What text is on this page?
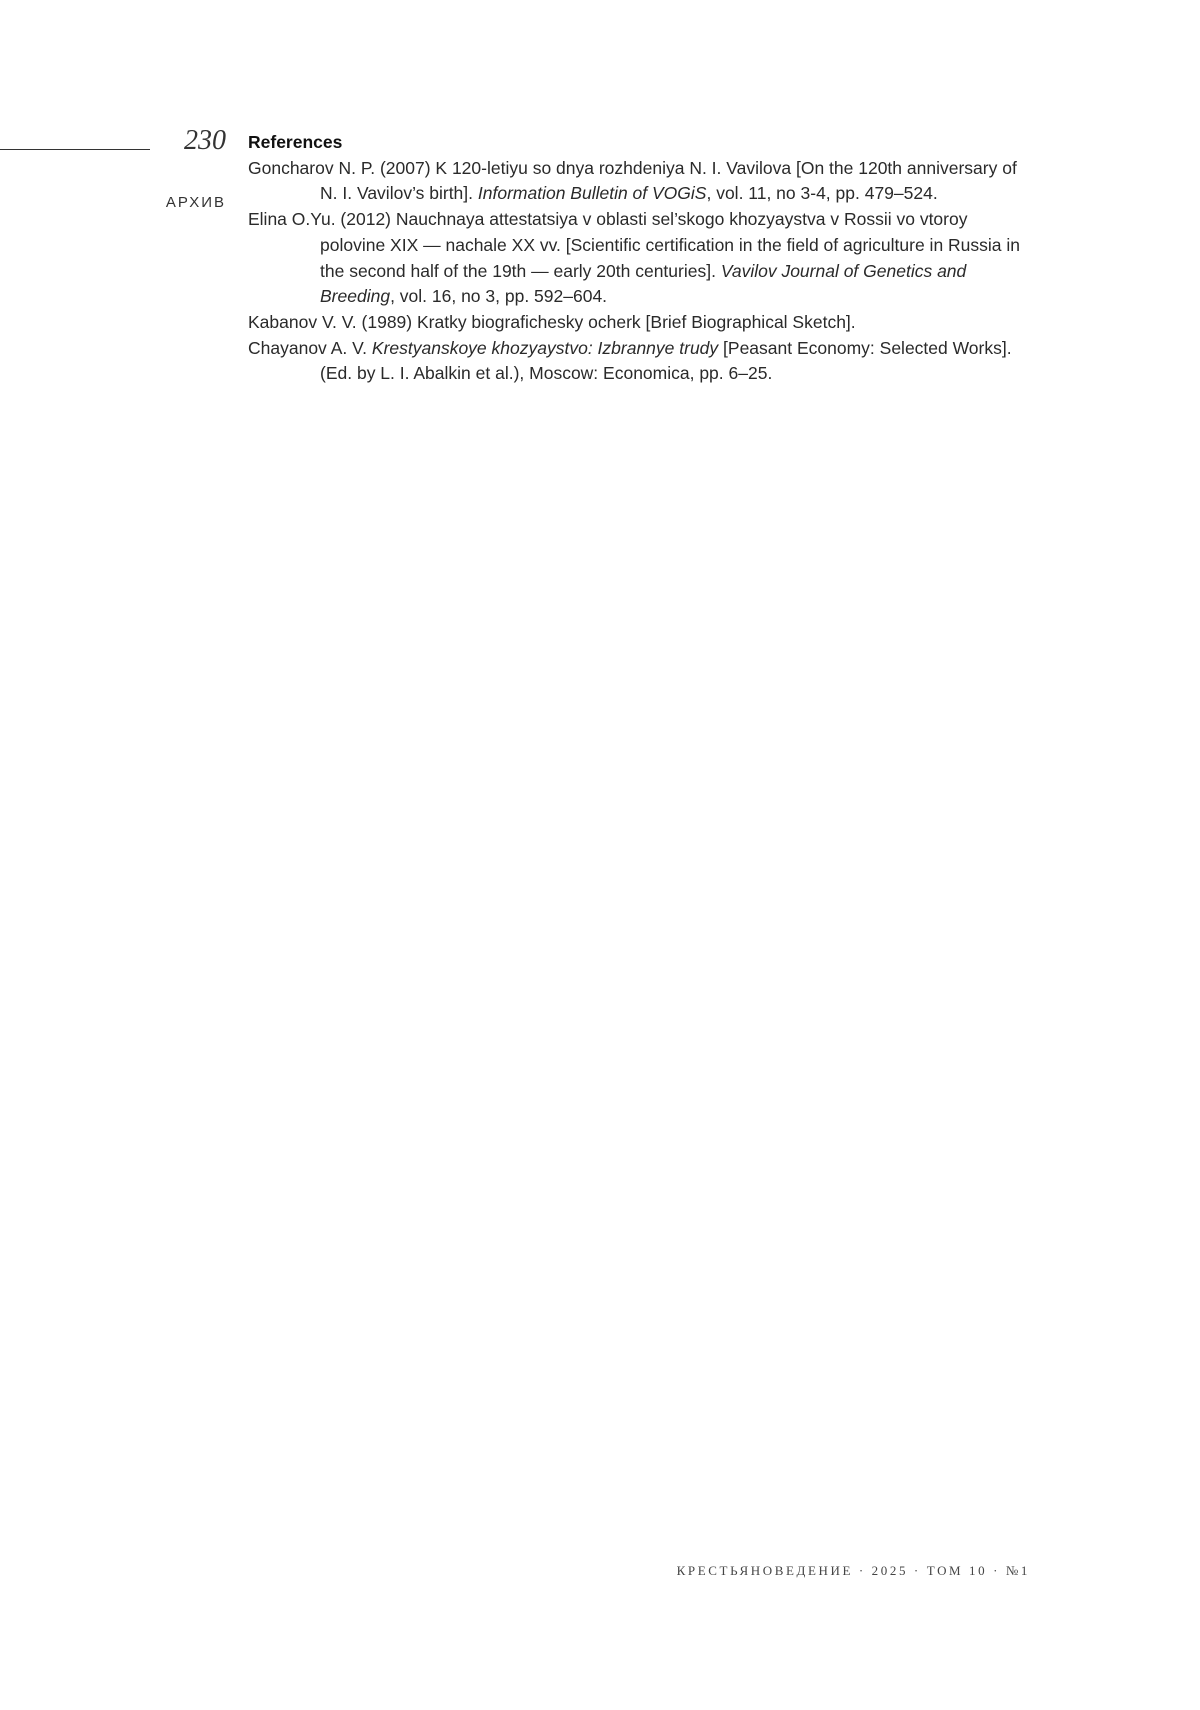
230
АРХИВ

References

Goncharov N. P. (2007) K 120-letiyu so dnya rozhdeniya N. I. Vavilova [On the 120th anniversary of N. I. Vavilov’s birth]. Information Bulletin of VOGiS, vol. 11, no 3-4, pp. 479–524.

Elina O.Yu. (2012) Nauchnaya attestatsiya v oblasti sel’skogo khozyaystva v Rossii vo vtoroy polovine XIX — nachale XX vv. [Scientific certification in the field of agriculture in Russia in the second half of the 19th — early 20th centuries]. Vavilov Journal of Genetics and Breeding, vol. 16, no 3, pp. 592–604.

Kabanov V. V. (1989) Kratky biografichesky ocherk [Brief Biographical Sketch].
Chayanov A. V. Krestyanskoye khozyaystvo: Izbrannye trudy [Peasant Economy: Selected Works]. (Ed. by L. I. Abalkin et al.), Moscow: Economica, pp. 6–25.

КРЕСТЬЯНОВЕДЕНИЕ · 2025 · ТОМ 10 · №1
